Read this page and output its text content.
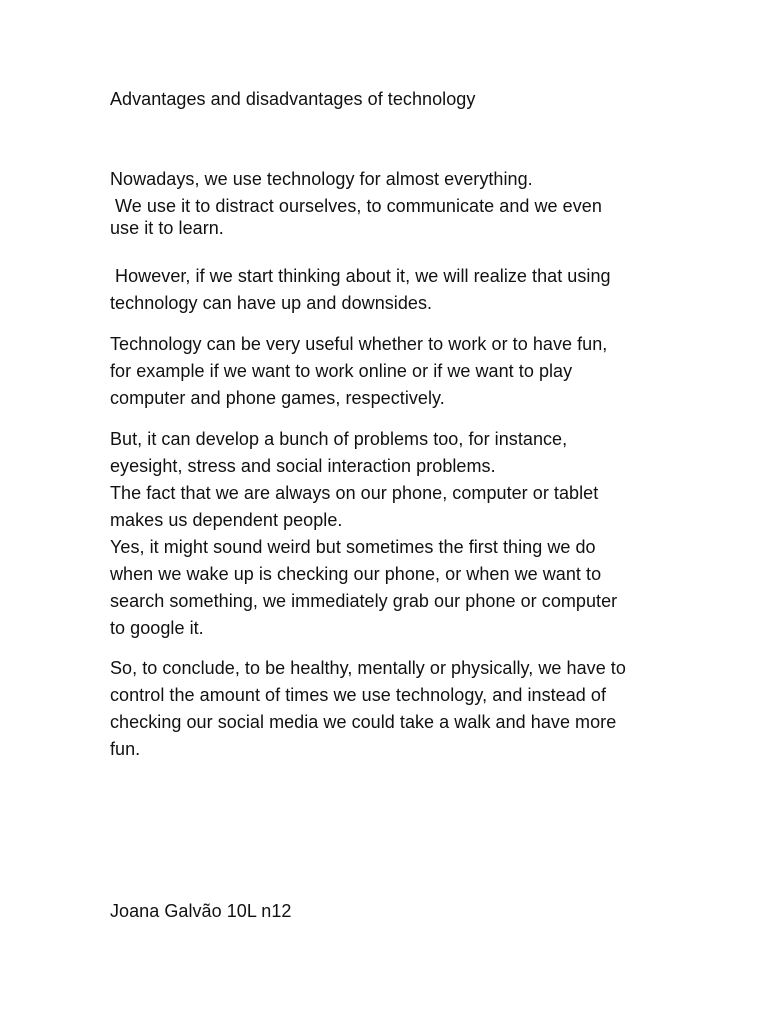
Advantages and disadvantages of technology
Nowadays, we use technology for almost everything.
We use it to distract ourselves, to communicate and we even
use it to learn.
However, if we start thinking about it, we will realize that using
technology can have up and downsides.
Technology can be very useful whether to work or to have fun,
for example if we want to work online or if we want to play
computer and phone games, respectively.
But, it can develop a bunch of problems too, for instance,
eyesight, stress and social interaction problems.
The fact that we are always on our phone, computer or tablet
makes us dependent people.
Yes, it might sound weird but sometimes the first thing we do
when we wake up is checking our phone, or when we want to
search something, we immediately grab our phone or computer
to google it.
So, to conclude, to be healthy, mentally or physically, we have to
control the amount of times we use technology, and instead of
checking our social media we could take a walk and have more
fun.
Joana Galvão 10L n12
